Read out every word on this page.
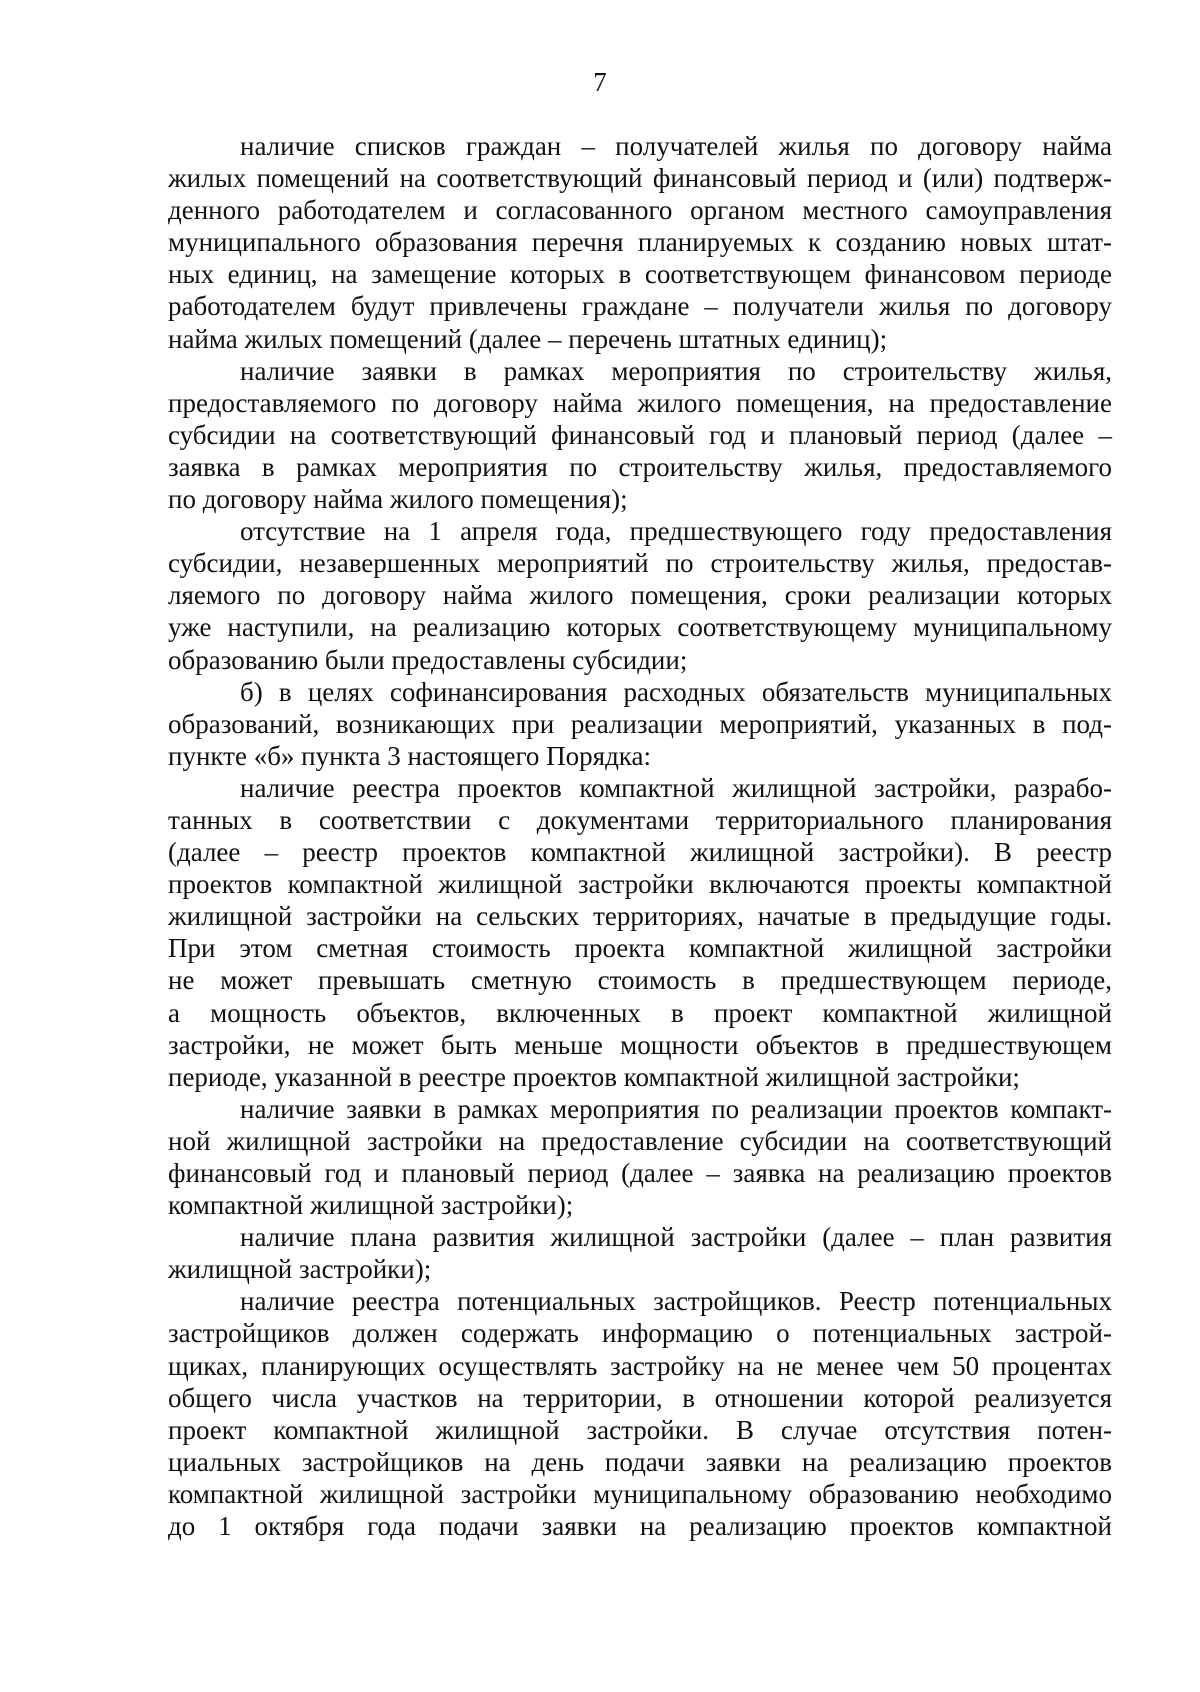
7
наличие списков граждан – получателей жилья по договору найма
жилых помещений на соответствующий финансовый период и (или) подтверж-
денного работодателем и согласованного органом местного самоуправления
муниципального образования перечня планируемых к созданию новых штат-
ных единиц, на замещение которых в соответствующем финансовом периоде
работодателем будут привлечены граждане – получатели жилья по договору
найма жилых помещений (далее – перечень штатных единиц);
наличие заявки в рамках мероприятия по строительству жилья,
предоставляемого по договору найма жилого помещения, на предоставление
субсидии на соответствующий финансовый год и плановый период (далее –
заявка в рамках мероприятия по строительству жилья, предоставляемого
по договору найма жилого помещения);
отсутствие на 1 апреля года, предшествующего году предоставления
субсидии, незавершенных мероприятий по строительству жилья, предостав-
ляемого по договору найма жилого помещения, сроки реализации которых
уже наступили, на реализацию которых соответствующему муниципальному
образованию были предоставлены субсидии;
б) в целях софинансирования расходных обязательств муниципальных
образований, возникающих при реализации мероприятий, указанных в под-
пункте «б» пункта 3 настоящего Порядка:
наличие реестра проектов компактной жилищной застройки, разрабо-
танных в соответствии с документами территориального планирования
(далее – реестр проектов компактной жилищной застройки). В реестр
проектов компактной жилищной застройки включаются проекты компактной
жилищной застройки на сельских территориях, начатые в предыдущие годы.
При этом сметная стоимость проекта компактной жилищной застройки
не может превышать сметную стоимость в предшествующем периоде,
а мощность объектов, включенных в проект компактной жилищной
застройки, не может быть меньше мощности объектов в предшествующем
периоде, указанной в реестре проектов компактной жилищной застройки;
наличие заявки в рамках мероприятия по реализации проектов компакт-
ной жилищной застройки на предоставление субсидии на соответствующий
финансовый год и плановый период (далее – заявка на реализацию проектов
компактной жилищной застройки);
наличие плана развития жилищной застройки (далее – план развития
жилищной застройки);
наличие реестра потенциальных застройщиков. Реестр потенциальных
застройщиков должен содержать информацию о потенциальных застрой-
щиках, планирующих осуществлять застройку на не менее чем 50 процентах
общего числа участков на территории, в отношении которой реализуется
проект компактной жилищной застройки. В случае отсутствия потен-
циальных застройщиков на день подачи заявки на реализацию проектов
компактной жилищной застройки муниципальному образованию необходимо
до 1 октября года подачи заявки на реализацию проектов компактной
